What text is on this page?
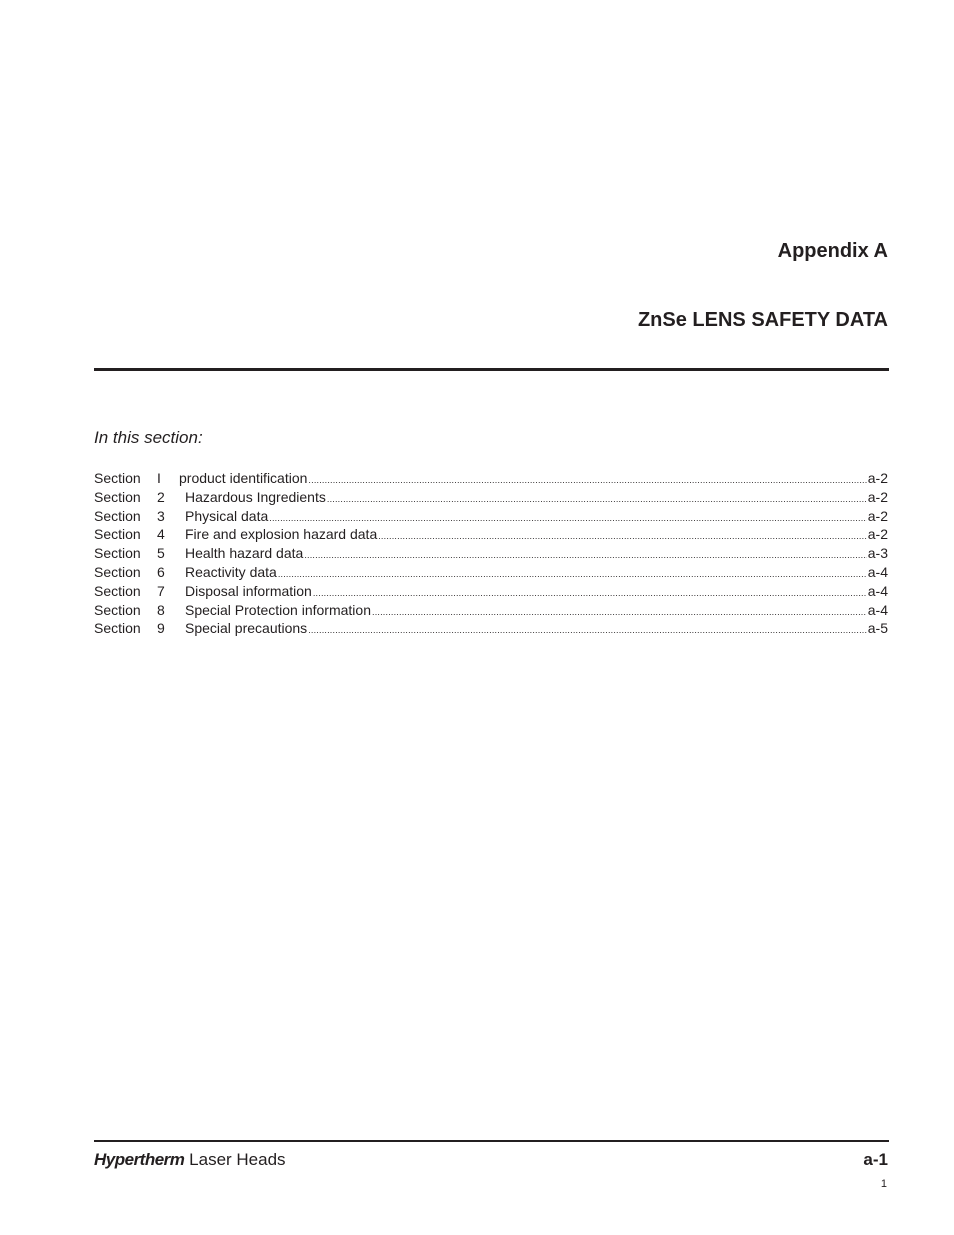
Appendix A
ZnSe LENS SAFETY DATA
In this section:
Section	I	product identification .....	a-2
Section	2	Hazardous Ingredients .....	a-2
Section	3	Physical data .....	a-2
Section	4	Fire and explosion hazard data .....	a-2
Section	5	Health hazard data .....	a-3
Section	6	Reactivity data .....	a-4
Section	7	Disposal information .....	a-4
Section	8	Special Protection information .....	a-4
Section	9	Special precautions .....	a-5
Hypertherm Laser Heads	a-1
1
